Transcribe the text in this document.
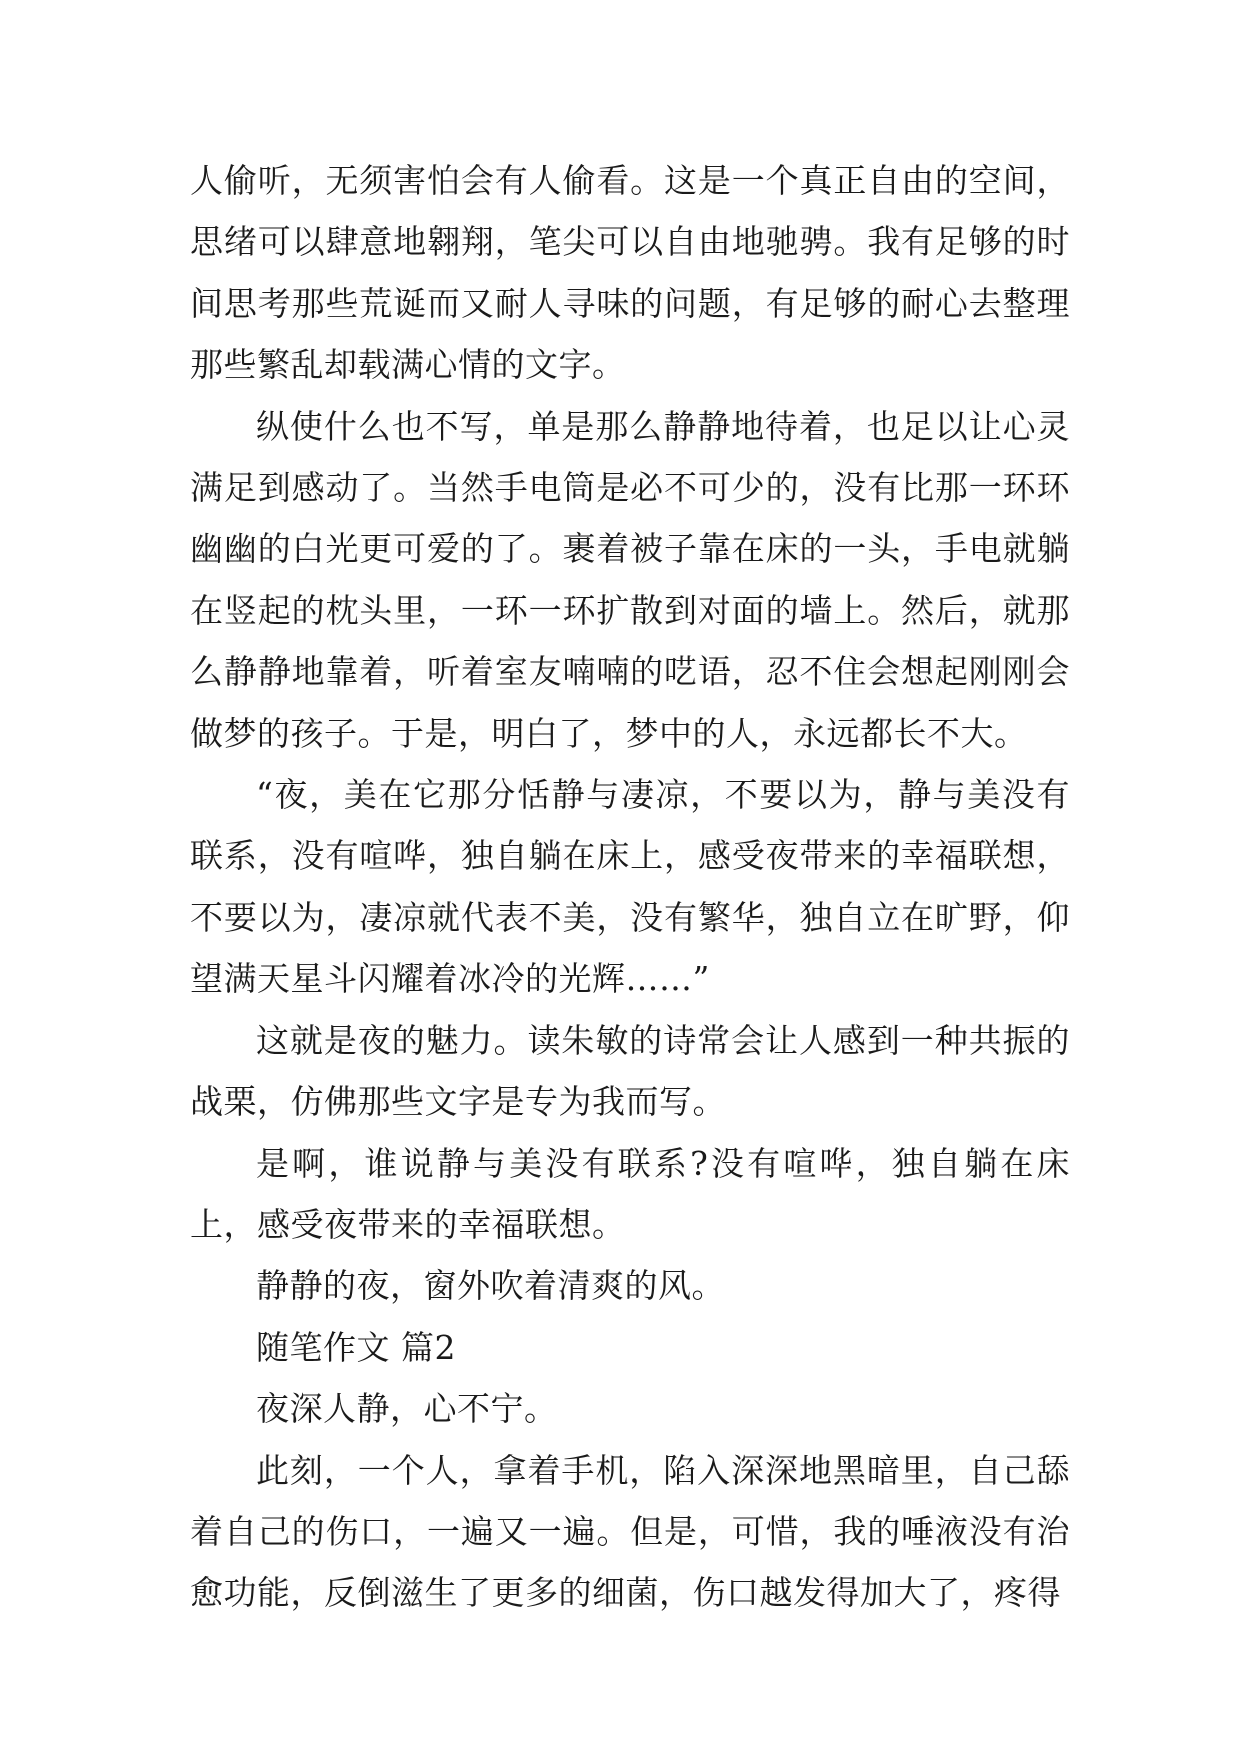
人偷听，无须害怕会有人偷看。这是一个真正自由的空间，思绪可以肆意地翱翔，笔尖可以自由地驰骋。我有足够的时间思考那些荒诞而又耐人寻味的问题，有足够的耐心去整理那些繁乱却载满心情的文字。

纵使什么也不写，单是那么静静地待着，也足以让心灵满足到感动了。当然手电筒是必不可少的，没有比那一环环幽幽的白光更可爱的了。裹着被子靠在床的一头，手电就躺在竖起的枕头里，一环一环扩散到对面的墙上。然后，就那么静静地靠着，听着室友喃喃的呓语，忍不住会想起刚刚会做梦的孩子。于是，明白了，梦中的人，永远都长不大。

“夜，美在它那分恬静与凄凉，不要以为，静与美没有联系，没有喧哗，独自躺在床上，感受夜带来的幸福联想，不要以为，凄凉就代表不美，没有繁华，独自立在旷野，仰望满天星斗闪耀着冰冷的光辉……”

这就是夜的魅力。读朱敏的诗常会让人感到一种共振的战栗，仿佛那些文字是专为我而写。

是啊，谁说静与美没有联系?没有喧哗，独自躺在床上，感受夜带来的幸福联想。

静静的夜，窗外吹着清爽的风。

随笔作文 篇2

夜深人静，心不宁。

此刻，一个人，拿着手机，陷入深深地黑暗里，自己舔着自己的伤口，一遍又一遍。但是，可惜，我的唾液没有治愈功能，反倒滋生了更多的细菌，伤口越发得加大了，疼得
